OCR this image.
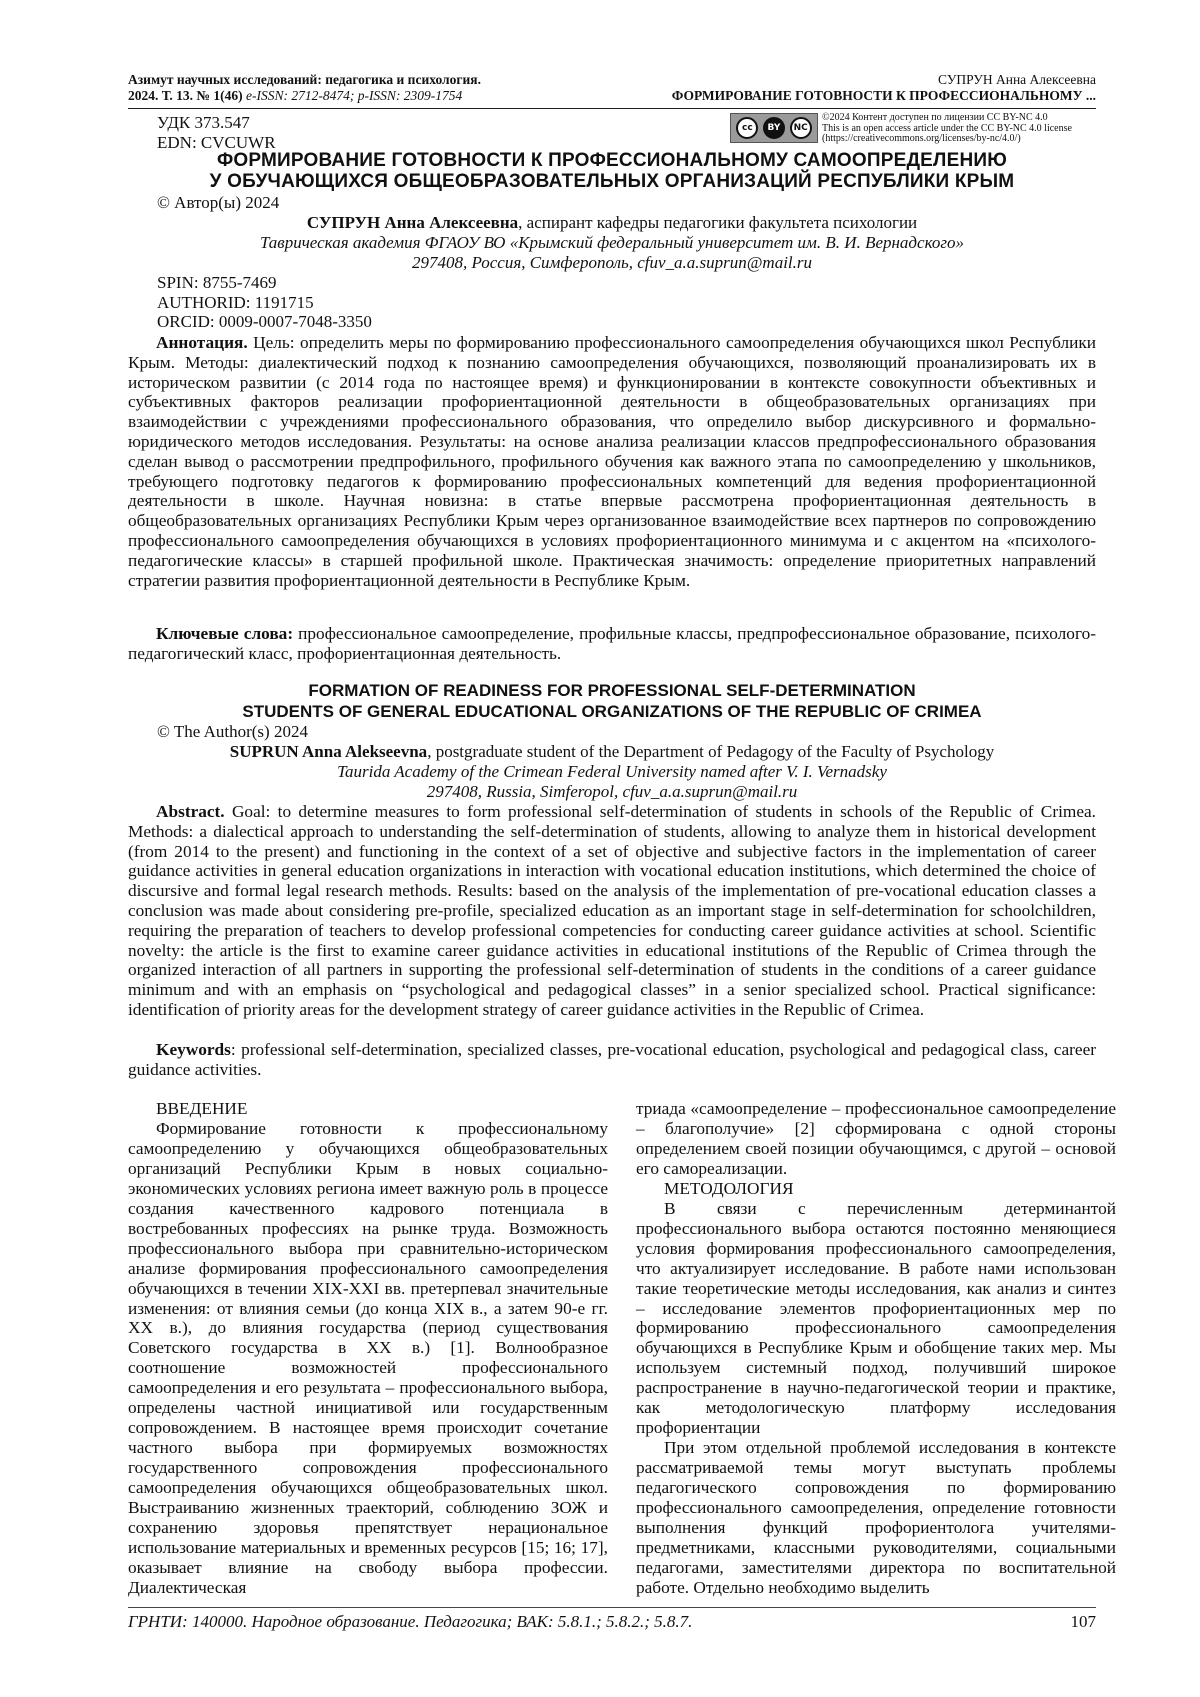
Азимут научных исследований: педагогика и психология.
2024. Т. 13. № 1(46) e-ISSN: 2712-8474; p-ISSN: 2309-1754
СУПРУН Анна Алексеевна
ФОРМИРОВАНИЕ ГОТОВНОСТИ К ПРОФЕССИОНАЛЬНОМУ ...
УДК 373.547
EDN: CVCUWR
cc	BY	NC
©2024 Контент доступен по лицензии CC BY-NC 4.0
This is an open access article under the CC BY-NC 4.0 license
(https://creativecommons.org/licenses/by-nc/4.0/)
ФОРМИРОВАНИЕ ГОТОВНОСТИ К ПРОФЕССИОНАЛЬНОМУ САМООПРЕДЕЛЕНИЮ
У ОБУЧАЮЩИХСЯ ОБЩЕОБРАЗОВАТЕЛЬНЫХ ОРГАНИЗАЦИЙ РЕСПУБЛИКИ КРЫМ
© Автор(ы) 2024
СУПРУН Анна Алексеевна, аспирант кафедры педагогики факультета психологии
Таврическая академия ФГАОУ ВО «Крымский федеральный университет им. В. И. Вернадского»
297408, Россия, Симферополь, cfuv_a.a.suprun@mail.ru
SPIN: 8755-7469
AUTHORID: 1191715
ORCID: 0009-0007-7048-3350
Аннотация. Цель: определить меры по формированию профессионального самоопределения обучающихся школ Республики Крым. Методы: диалектический подход к познанию самоопределения обучающихся, позволяющий проанализировать их в историческом развитии (с 2014 года по настоящее время) и функционировании в контексте совокупности объективных и субъективных факторов реализации профориентационной деятельности в общеобразовательных организациях при взаимодействии с учреждениями профессионального образования, что определило выбор дискурсивного и формально-юридического методов исследования. Результаты: на основе анализа реализации классов предпрофессионального образования сделан вывод о рассмотрении предпрофильного, профильного обучения как важного этапа по самоопределению у школьников, требующего подготовку педагогов к формированию профессиональных компетенций для ведения профориентационной деятельности в школе. Научная новизна: в статье впервые рассмотрена профориентационная деятельность в общеобразовательных организациях Республики Крым через организованное взаимодействие всех партнеров по сопровождению профессионального самоопределения обучающихся в условиях профориентационного минимума и с акцентом на «психолого-педагогические классы» в старшей профильной школе. Практическая значимость: определение приоритетных направлений стратегии развития профориентационной деятельности в Республике Крым.
Ключевые слова: профессиональное самоопределение, профильные классы, предпрофессиональное образование, психолого-педагогический класс, профориентационная деятельность.
FORMATION OF READINESS FOR PROFESSIONAL SELF-DETERMINATION
STUDENTS OF GENERAL EDUCATIONAL ORGANIZATIONS OF THE REPUBLIC OF CRIMEA
© The Author(s) 2024
SUPRUN Anna Alekseevna, postgraduate student of the Department of Pedagogy of the Faculty of Psychology
Taurida Academy of the Crimean Federal University named after V. I. Vernadsky
297408, Russia, Simferopol, cfuv_a.a.suprun@mail.ru
Abstract. Goal: to determine measures to form professional self-determination of students in schools of the Republic of Crimea. Methods: a dialectical approach to understanding the self-determination of students, allowing to analyze them in historical development (from 2014 to the present) and functioning in the context of a set of objective and subjective factors in the implementation of career guidance activities in general education organizations in interaction with vocational education institutions, which determined the choice of discursive and formal legal research methods. Results: based on the analysis of the implementation of pre-vocational education classes a conclusion was made about considering pre-profile, specialized education as an important stage in self-determination for schoolchildren, requiring the preparation of teachers to develop professional competencies for conducting career guidance activities at school. Scientific novelty: the article is the first to examine career guidance activities in educational institutions of the Republic of Crimea through the organized interaction of all partners in supporting the professional self-determination of students in the conditions of a career guidance minimum and with an emphasis on “psychological and pedagogical classes” in a senior specialized school. Practical significance: identification of priority areas for the development strategy of career guidance activities in the Republic of Crimea.
Keywords: professional self-determination, specialized classes, pre-vocational education, psychological and pedagogical class, career guidance activities.

ВВЕДЕНИЕ

Формирование готовности к профессиональному самоопределению у обучающихся общеобразовательных организаций Республики Крым в новых социально-экономических условиях региона имеет важную роль в процессе создания качественного кадрового потенциала в востребованных профессиях на рынке труда. Возможность профессионального выбора при сравнительно-историческом анализе формирования профессионального самоопределения обучающихся в течении XIX-XXI вв. претерпевал значительные изменения: от влияния семьи (до конца XIX в., а затем 90-е гг. XX в.), до влияния государства (период существования Советского государства в XX в.) [1]. Волнообразное соотношение возможностей профессионального самоопределения и его результата – профессионального выбора, определены частной инициативой или государственным сопровождением. В настоящее время происходит сочетание частного выбора при формируемых возможностях государственного сопровождения профессионального самоопределения обучающихся общеобразовательных школ. Выстраиванию жизненных траекторий, соблюдению ЗОЖ и сохранению здоровья препятствует нерациональное использование материальных и временных ресурсов [15; 16; 17], оказывает влияние на свободу выбора профессии. Диалектическая

триада «самоопределение – профессиональное самоопределение – благополучие» [2] сформирована с одной стороны определением своей позиции обучающимся, с другой – основой его самореализации.

МЕТОДОЛОГИЯ

В связи с перечисленным детерминантой профессионального выбора остаются постоянно меняющиеся условия формирования профессионального самоопределения, что актуализирует исследование. В работе нами использован такие теоретические методы исследования, как анализ и синтез – исследование элементов профориентационных мер по формированию профессионального самоопределения обучающихся в Республике Крым и обобщение таких мер. Мы используем системный подход, получивший широкое распространение в научно-педагогической теории и практике, как методологическую платформу исследования профориентации

При этом отдельной проблемой исследования в контексте рассматриваемой темы могут выступать проблемы педагогического сопровождения по формированию профессионального самоопределения, определение готовности выполнения функций профориентолога учителями-предметниками, классными руководителями, социальными педагогами, заместителями директора по воспитательной работе. Отдельно необходимо выделить

ГРНТИ: 140000. Народное образование. Педагогика; ВАК: 5.8.1.; 5.8.2.; 5.8.7.	107
